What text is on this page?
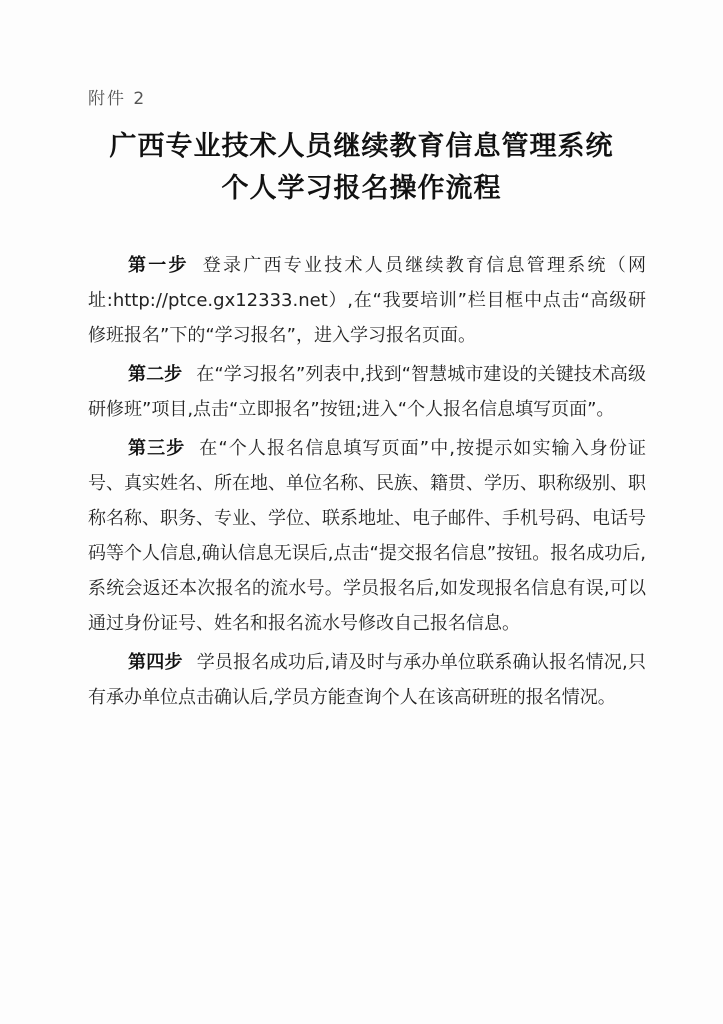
附件 2
广西专业技术人员继续教育信息管理系统
个人学习报名操作流程

第一步 登录广西专业技术人员继续教育信息管理系统（网址:http://ptce.gx12333.net）,在“我要培训”栏目框中点击“高级研修班报名”下的“学习报名”，进入学习报名页面。

第二步 在“学习报名”列表中,找到“智慧城市建设的关键技术高级研修班”项目,点击“立即报名”按钮;进入“个人报名信息填写页面”。

第三步 在“个人报名信息填写页面”中,按提示如实输入身份证号、真实姓名、所在地、单位名称、民族、籍贯、学历、职称级别、职称名称、职务、专业、学位、联系地址、电子邮件、手机号码、电话号码等个人信息,确认信息无误后,点击“提交报名信息”按钮。报名成功后,系统会返还本次报名的流水号。学员报名后,如发现报名信息有误,可以通过身份证号、姓名和报名流水号修改自己报名信息。

第四步 学员报名成功后,请及时与承办单位联系确认报名情况,只有承办单位点击确认后,学员方能查询个人在该高研班的报名情况。
